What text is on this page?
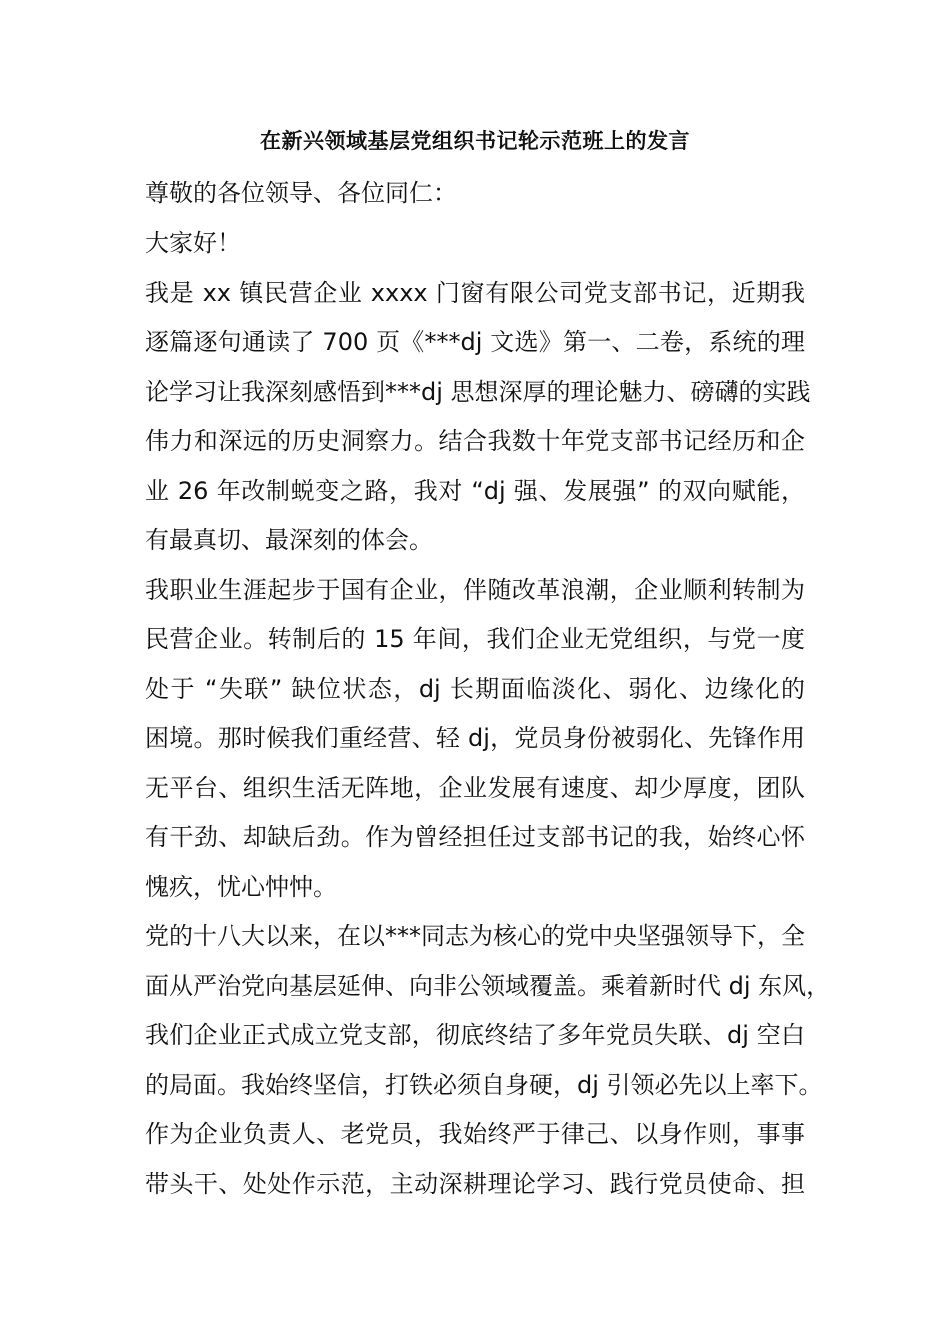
在新兴领域基层党组织书记轮示范班上的发言
尊敬的各位领导、各位同仁：
大家好！
我是 xx 镇民营企业 xxxx 门窗有限公司党支部书记，近期我
逐篇逐句通读了 700 页《***dj 文选》第一、二卷，系统的理
论学习让我深刻感悟到***dj 思想深厚的理论魅力、磅礴的实践
伟力和深远的历史洞察力。结合我数十年党支部书记经历和企
业 26 年改制蜕变之路，我对 “dj 强、发展强” 的双向赋能，
有最真切、最深刻的体会。
我职业生涯起步于国有企业，伴随改革浪潮，企业顺利转制为
民营企业。转制后的 15 年间，我们企业无党组织，与党一度
处于 “失联” 缺位状态，dj 长期面临淡化、弱化、边缘化的
困境。那时候我们重经营、轻 dj，党员身份被弱化、先锋作用
无平台、组织生活无阵地，企业发展有速度、却少厚度，团队
有干劲、却缺后劲。作为曾经担任过支部书记的我，始终心怀
愧疚，忧心忡忡。
党的十八大以来，在以***同志为核心的党中央坚强领导下，全
面从严治党向基层延伸、向非公领域覆盖。乘着新时代 dj 东风，
我们企业正式成立党支部，彻底终结了多年党员失联、dj 空白
的局面。我始终坚信，打铁必须自身硬，dj 引领必先以上率下。
作为企业负责人、老党员，我始终严于律己、以身作则，事事
带头干、处处作示范，主动深耕理论学习、践行党员使命、担
